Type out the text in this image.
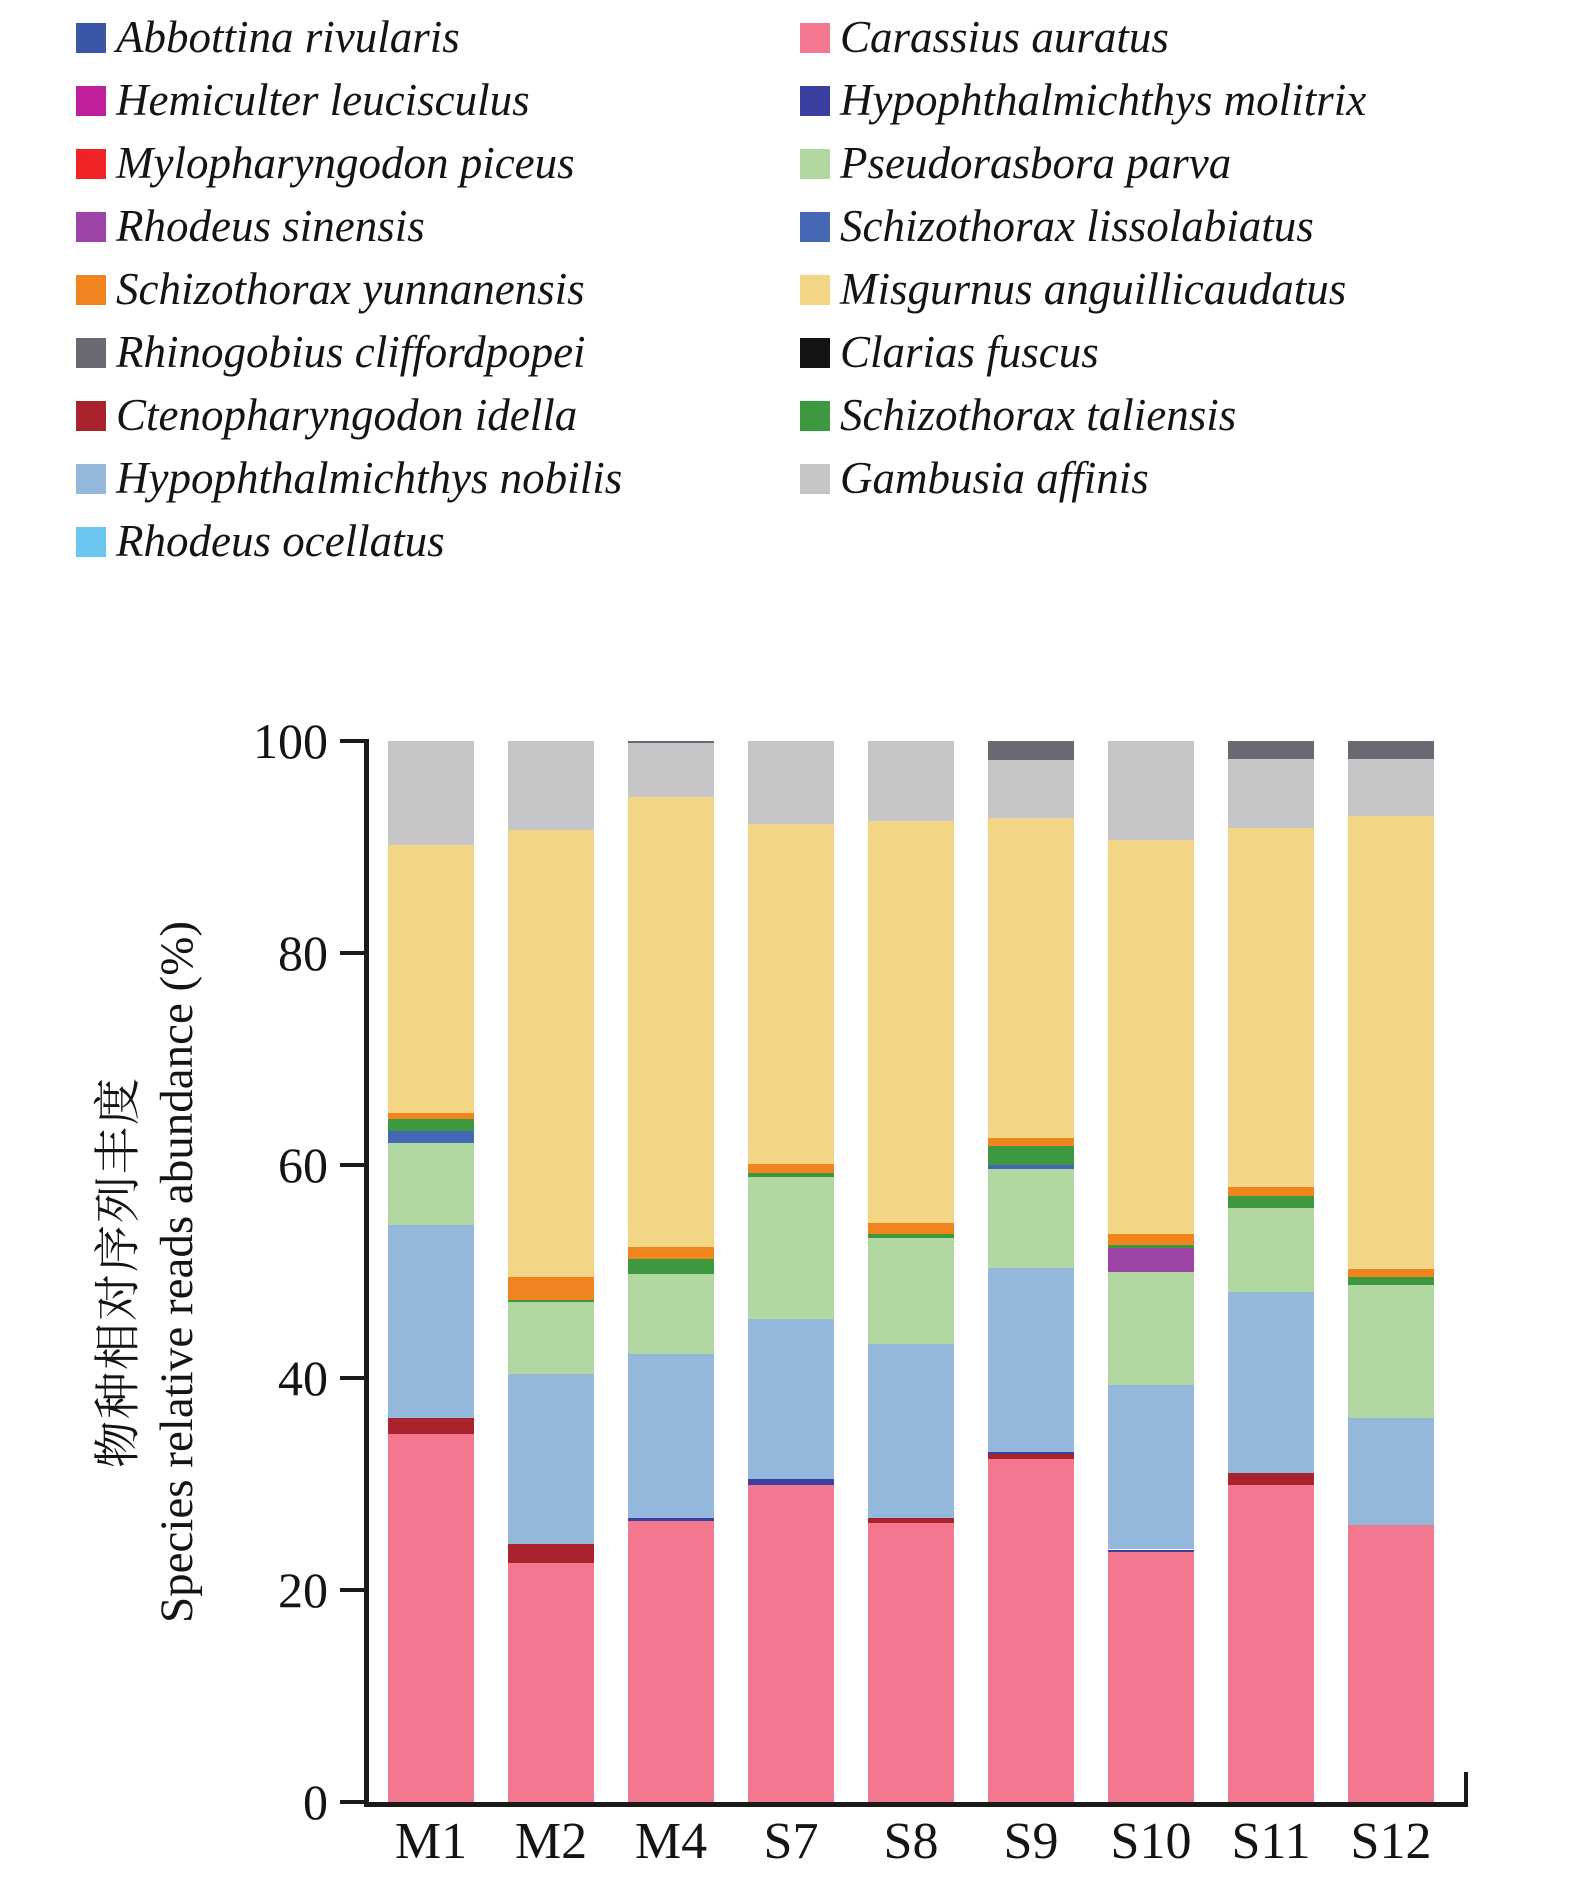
Abbottina rivularis
Hemiculter leucisculus
Mylopharyngodon piceus
Rhodeus sinensis
Schizothorax yunnanensis
Rhinogobius cliffordpopei
Ctenopharyngodon idella
Hypophthalmichthys nobilis
Rhodeus ocellatus
Carassius auratus
Hypophthalmichthys molitrix
Pseudorasbora parva
Schizothorax lissolabiatus
Misgurnus anguillicaudatus
Clarias fuscus
Schizothorax taliensis
Gambusia affinis
物种相对序列丰度 Species relative reads abundance (%)
0
20
40
60
80
100
M1 M2 M4	S7	S8	S9	S10 S11 S12
